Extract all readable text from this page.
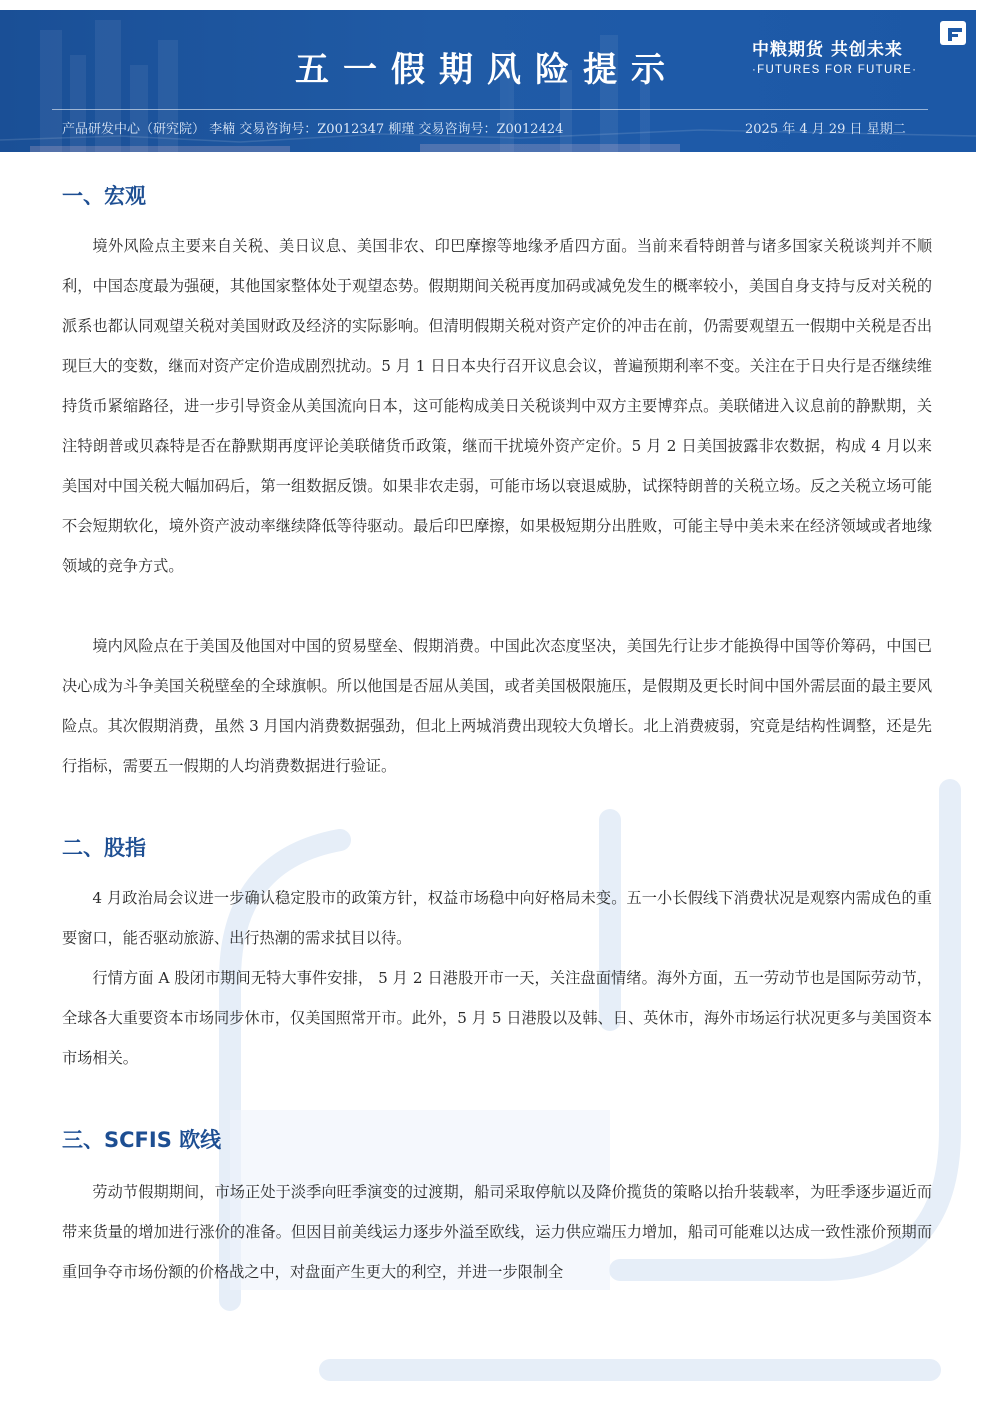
五一假期风险提示	中粮期货 共创未来
·FUTURES FOR FUTURE·
产品研发中心（研究院） 李楠 交易咨询号：Z0012347 柳瑾 交易咨询号：Z0012424	2025 年 4 月 29 日 星期二
一、宏观

境外风险点主要来自关税、美日议息、美国非农、印巴摩擦等地缘矛盾四方面。当前来看特朗普与诸多国家关税谈判并不顺利，中国态度最为强硬，其他国家整体处于观望态势。假期期间关税再度加码或减免发生的概率较小，美国自身支持与反对关税的派系也都认同观望关税对美国财政及经济的实际影响。但清明假期关税对资产定价的冲击在前，仍需要观望五一假期中关税是否出现巨大的变数，继而对资产定价造成剧烈扰动。5 月 1 日日本央行召开议息会议，普遍预期利率不变。关注在于日央行是否继续维持货币紧缩路径，进一步引导资金从美国流向日本，这可能构成美日关税谈判中双方主要博弈点。美联储进入议息前的静默期，关注特朗普或贝森特是否在静默期再度评论美联储货币政策，继而干扰境外资产定价。5 月 2 日美国披露非农数据，构成 4 月以来美国对中国关税大幅加码后，第一组数据反馈。如果非农走弱，可能市场以衰退威胁，试探特朗普的关税立场。反之关税立场可能不会短期软化，境外资产波动率继续降低等待驱动。最后印巴摩擦，如果极短期分出胜败，可能主导中美未来在经济领域或者地缘领域的竞争方式。

境内风险点在于美国及他国对中国的贸易壁垒、假期消费。中国此次态度坚决，美国先行让步才能换得中国等价筹码，中国已决心成为斗争美国关税壁垒的全球旗帜。所以他国是否屈从美国，或者美国极限施压，是假期及更长时间中国外需层面的最主要风险点。其次假期消费，虽然 3 月国内消费数据强劲，但北上两城消费出现较大负增长。北上消费疲弱，究竟是结构性调整，还是先行指标，需要五一假期的人均消费数据进行验证。

二、股指

4 月政治局会议进一步确认稳定股市的政策方针，权益市场稳中向好格局未变。五一小长假线下消费状况是观察内需成色的重要窗口，能否驱动旅游、出行热潮的需求拭目以待。

行情方面 A 股闭市期间无特大事件安排， 5 月 2 日港股开市一天，关注盘面情绪。海外方面，五一劳动节也是国际劳动节，全球各大重要资本市场同步休市，仅美国照常开市。此外，5 月 5 日港股以及韩、日、英休市，海外市场运行状况更多与美国资本市场相关。

三、SCFIS 欧线

劳动节假期期间，市场正处于淡季向旺季演变的过渡期，船司采取停航以及降价揽货的策略以抬升装载率，为旺季逐步逼近而带来货量的增加进行涨价的准备。但因目前美线运力逐步外溢至欧线，运力供应端压力增加，船司可能难以达成一致性涨价预期而重回争夺市场份额的价格战之中，对盘面产生更大的利空，并进一步限制全
